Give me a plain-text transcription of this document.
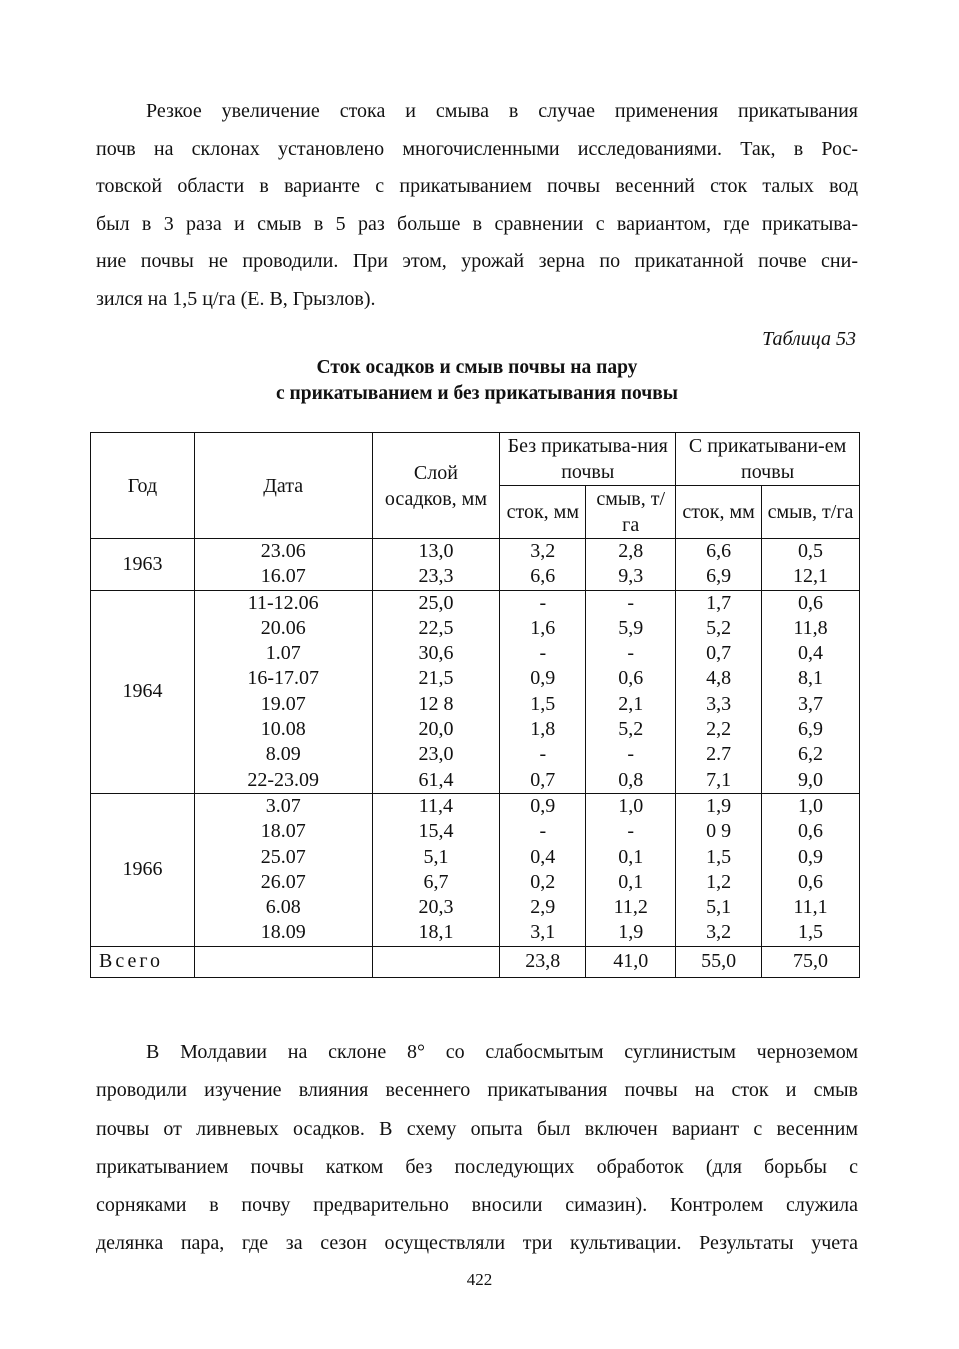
Резкое увеличение стока и смыва в случае применения прикатывания
почв на склонах установлено многочисленными исследованиями. Так, в Рос-
товской области в варианте с прикатыванием почвы весенний сток талых вод
был в 3 раза и смыв в 5 раз больше в сравнении с вариантом, где прикатыва-
ние почвы не проводили. При этом, урожай зерна по прикатанной почве сни-
зился на 1,5 ц/га (Е. В, Грызлов).
Таблица 53
Сток осадков и смыв почвы на пару
с прикатыванием и без прикатывания почвы
Год	Дата	Слой осадков, мм	Без прикатыва-ния почвы		С прикатывани-ем почвы	
			сток, мм	смыв, т/га	сток, мм	смыв, т/га
1963	23.06	13,0	3,2	2,8	6,6	0,5
	16.07	23,3	6,6	9,3	6,9	12,1
1964	11-12.06	25,0	-	-	1,7	0,6
	20.06	22,5	1,6	5,9	5,2	11,8
	1.07	30,6	-	-	0,7	0,4
	16-17.07	21,5	0,9	0,6	4,8	8,1
	19.07	12 8	1,5	2,1	3,3	3,7
	10.08	20,0	1,8	5,2	2,2	6,9
	8.09	23,0	-	-	2.7	6,2
	22-23.09	61,4	0,7	0,8	7,1	9,0
1966	3.07	11,4	0,9	1,0	1,9	1,0
	18.07	15,4	-	-	0 9	0,6
	25.07	5,1	0,4	0,1	1,5	0,9
	26.07	6,7	0,2	0,1	1,2	0,6
	6.08	20,3	2,9	11,2	5,1	11,1
	18.09	18,1	3,1	1,9	3,2	1,5
Всего			23,8	41,0	55,0	75,0
В Молдавии на склоне 8° со слабосмытым суглинистым черноземом
проводили изучение влияния весеннего прикатывания почвы на сток и смыв
почвы от ливневых осадков. В схему опыта был включен вариант с весенним
прикатыванием почвы катком без последующих обработок (для борьбы с
сорняками в почву предварительно вносили симазин). Контролем служила
делянка пара, где за сезон осуществляли три культивации. Результаты учета
422
